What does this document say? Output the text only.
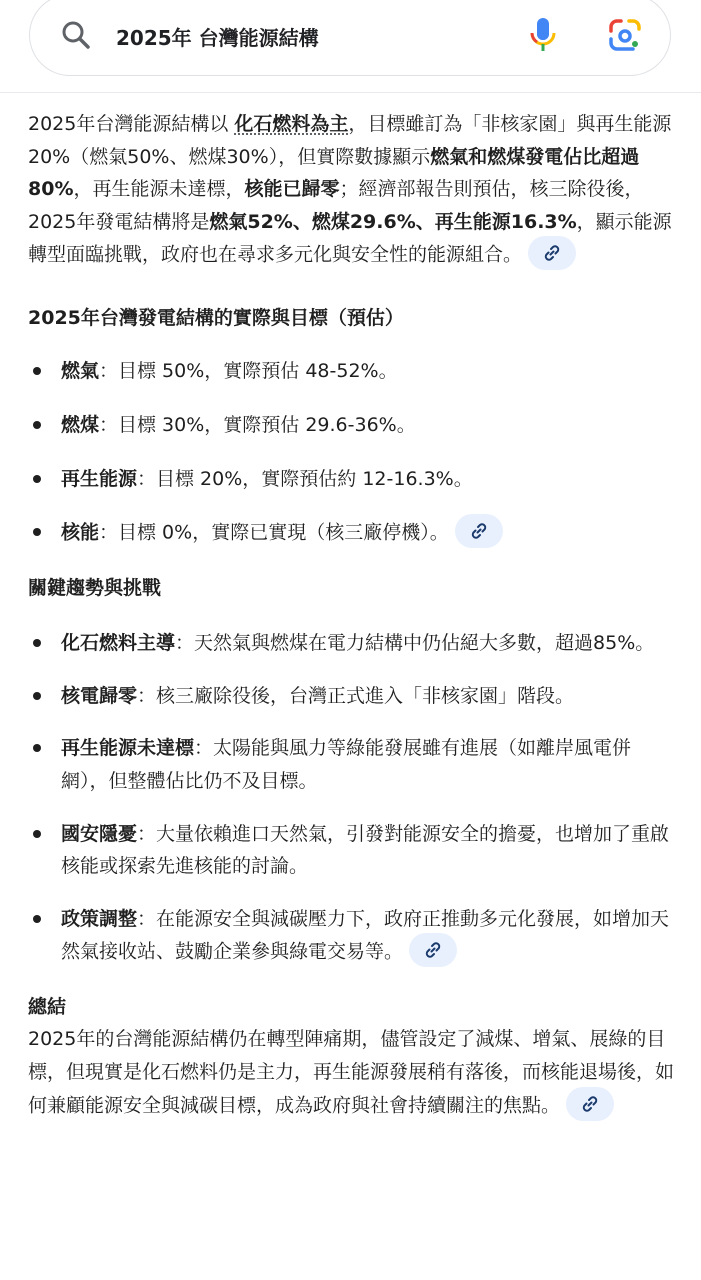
2025年 台灣能源結構

2025年台灣能源結構以 化石燃料為主，目標雖訂為「非核家園」與再生能源20%（燃氣50%、燃煤30%），但實際數據顯示燃氣和燃煤發電佔比超過80%，再生能源未達標，核能已歸零；經濟部報告則預估，核三除役後，2025年發電結構將是燃氣52%、燃煤29.6%、再生能源16.3%，顯示能源轉型面臨挑戰，政府也在尋求多元化與安全性的能源組合。

2025年台灣發電結構的實際與目標（預估）
燃氣：目標 50%，實際預估 48-52%。
燃煤：目標 30%，實際預估 29.6-36%。
再生能源：目標 20%，實際預估約 12-16.3%。
核能：目標 0%，實際已實現（核三廠停機）。
關鍵趨勢與挑戰
化石燃料主導：天然氣與燃煤在電力結構中仍佔絕大多數，超過85%。
核電歸零：核三廠除役後，台灣正式進入「非核家園」階段。
再生能源未達標：太陽能與風力等綠能發展雖有進展（如離岸風電併網），但整體佔比仍不及目標。
國安隱憂：大量依賴進口天然氣，引發對能源安全的擔憂，也增加了重啟核能或探索先進核能的討論。
政策調整：在能源安全與減碳壓力下，政府正推動多元化發展，如增加天然氣接收站、鼓勵企業參與綠電交易等。
總結

2025年的台灣能源結構仍在轉型陣痛期，儘管設定了減煤、增氣、展綠的目標，但現實是化石燃料仍是主力，再生能源發展稍有落後，而核能退場後，如何兼顧能源安全與減碳目標，成為政府與社會持續關注的焦點。
